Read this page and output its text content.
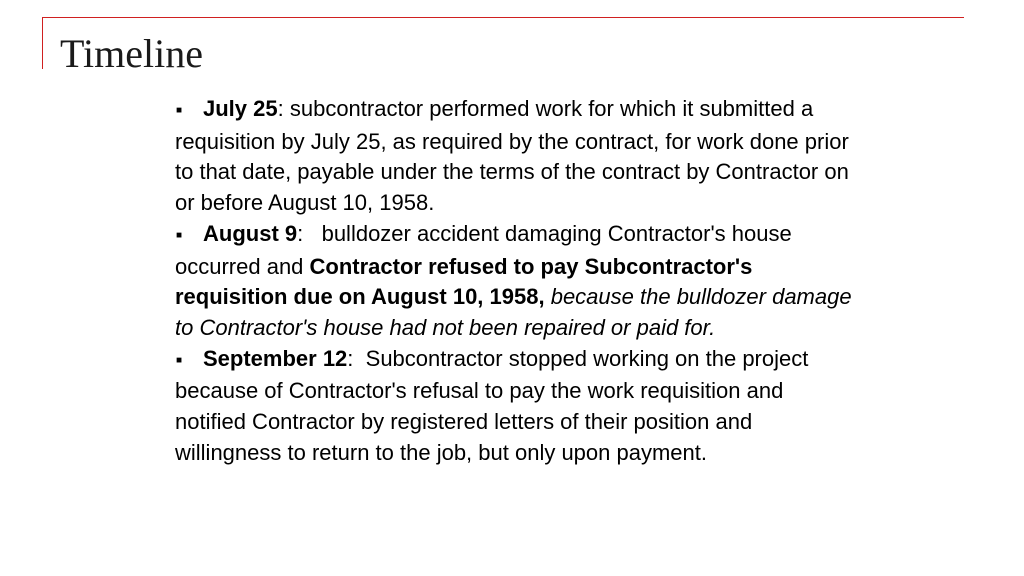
Timeline
■ July 25: subcontractor performed work for which it submitted a requisition by July 25, as required by the contract, for work done prior to that date, payable under the terms of the contract by Contractor on or before August 10, 1958.
■ August 9:   bulldozer accident damaging Contractor's house occurred and Contractor refused to pay Subcontractor's requisition due on August 10, 1958, because the bulldozer damage to Contractor's house had not been repaired or paid for.
■ September 12:  Subcontractor stopped working on the project because of Contractor's refusal to pay the work requisition and notified Contractor by registered letters of their position and willingness to return to the job, but only upon payment.
